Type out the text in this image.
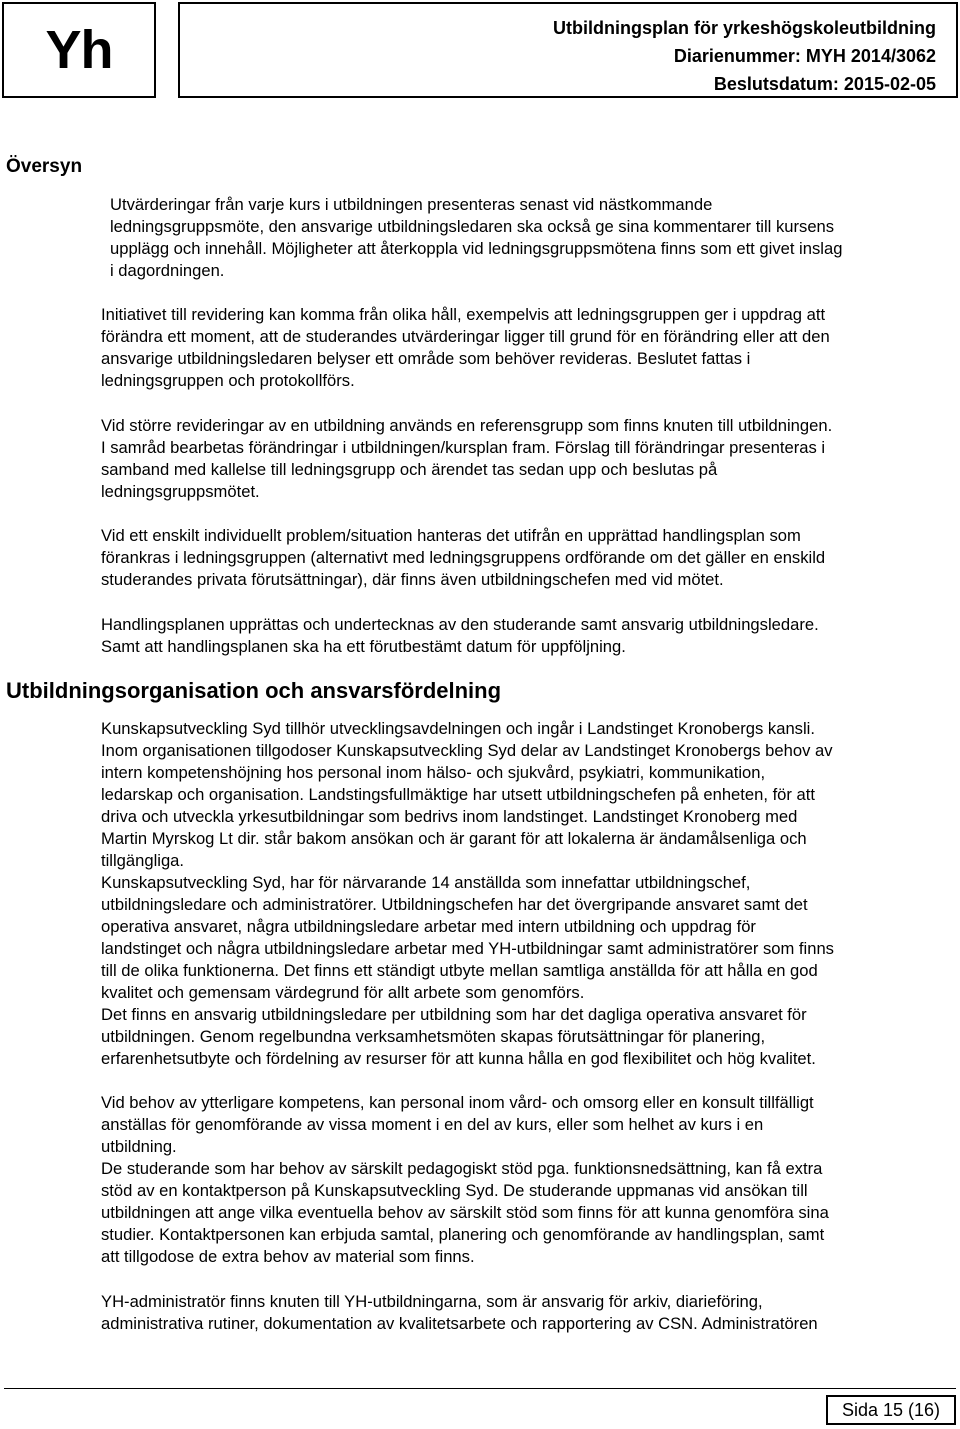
Yh	Utbildningsplan för yrkeshögskoleutbildning
Diarienummer: MYH 2014/3062
Beslutsdatum: 2015-02-05
Översyn
Utvärderingar från varje kurs i utbildningen presenteras senast vid nästkommande
ledningsgruppsmöte, den ansvarige utbildningsledaren ska också ge sina kommentarer till kursens
upplägg och innehåll. Möjligheter att återkoppla vid ledningsgruppsmötena finns som ett givet inslag
i dagordningen.
Initiativet till revidering kan komma från olika håll, exempelvis att ledningsgruppen ger i uppdrag att
förändra ett moment, att de studerandes utvärderingar ligger till grund för en förändring eller att den
ansvarige utbildningsledaren belyser ett område som behöver revideras. Beslutet fattas i
ledningsgruppen och protokollförs.
Vid större revideringar av en utbildning används en referensgrupp som finns knuten till utbildningen.
I samråd bearbetas förändringar i utbildningen/kursplan fram. Förslag till förändringar presenteras i
samband med kallelse till ledningsgrupp och ärendet tas sedan upp och beslutas på
ledningsgruppsmötet.
Vid ett enskilt individuellt problem/situation hanteras det utifrån en upprättad handlingsplan som
förankras i ledningsgruppen (alternativt med ledningsgruppens ordförande om det gäller en enskild
studerandes privata förutsättningar), där finns även utbildningschefen med vid mötet.
Handlingsplanen upprättas och undertecknas av den studerande samt ansvarig utbildningsledare.
Samt att handlingsplanen ska ha ett förutbestämt datum för uppföljning.
Utbildningsorganisation och ansvarsfördelning
Kunskapsutveckling Syd tillhör utvecklingsavdelningen och ingår i Landstinget Kronobergs kansli.
Inom organisationen tillgodoser Kunskapsutveckling Syd delar av Landstinget Kronobergs behov av
intern kompetenshöjning hos personal inom hälso- och sjukvård, psykiatri, kommunikation,
ledarskap och organisation. Landstingsfullmäktige har utsett utbildningschefen på enheten, för att
driva och utveckla yrkesutbildningar som bedrivs inom landstinget. Landstinget Kronoberg med
Martin Myrskog Lt dir. står bakom ansökan och är garant för att lokalerna är ändamålsenliga och
tillgängliga.
Kunskapsutveckling Syd, har för närvarande 14 anställda som innefattar utbildningschef,
utbildningsledare och administratörer. Utbildningschefen har det övergripande ansvaret samt det
operativa ansvaret, några utbildningsledare arbetar med intern utbildning och uppdrag för
landstinget och några utbildningsledare arbetar med YH-utbildningar samt administratörer som finns
till de olika funktionerna. Det finns ett ständigt utbyte mellan samtliga anställda för att hålla en god
kvalitet och gemensam värdegrund för allt arbete som genomförs.
Det finns en ansvarig utbildningsledare per utbildning som har det dagliga operativa ansvaret för
utbildningen. Genom regelbundna verksamhetsmöten skapas förutsättningar för planering,
erfarenhetsutbyte och fördelning av resurser för att kunna hålla en god flexibilitet och hög kvalitet.
Vid behov av ytterligare kompetens, kan personal inom vård- och omsorg eller en konsult tillfälligt
anställas för genomförande av vissa moment i en del av kurs, eller som helhet av kurs i en
utbildning.
De studerande som har behov av särskilt pedagogiskt stöd pga. funktionsnedsättning, kan få extra
stöd av en kontaktperson på Kunskapsutveckling Syd. De studerande uppmanas vid ansökan till
utbildningen att ange vilka eventuella behov av särskilt stöd som finns för att kunna genomföra sina
studier. Kontaktpersonen kan erbjuda samtal, planering och genomförande av handlingsplan, samt
att tillgodose de extra behov av material som finns.
YH-administratör finns knuten till YH-utbildningarna, som är ansvarig för arkiv, diarieföring,
administrativa rutiner, dokumentation av kvalitetsarbete och rapportering av CSN. Administratören
Sida 15 (16)
